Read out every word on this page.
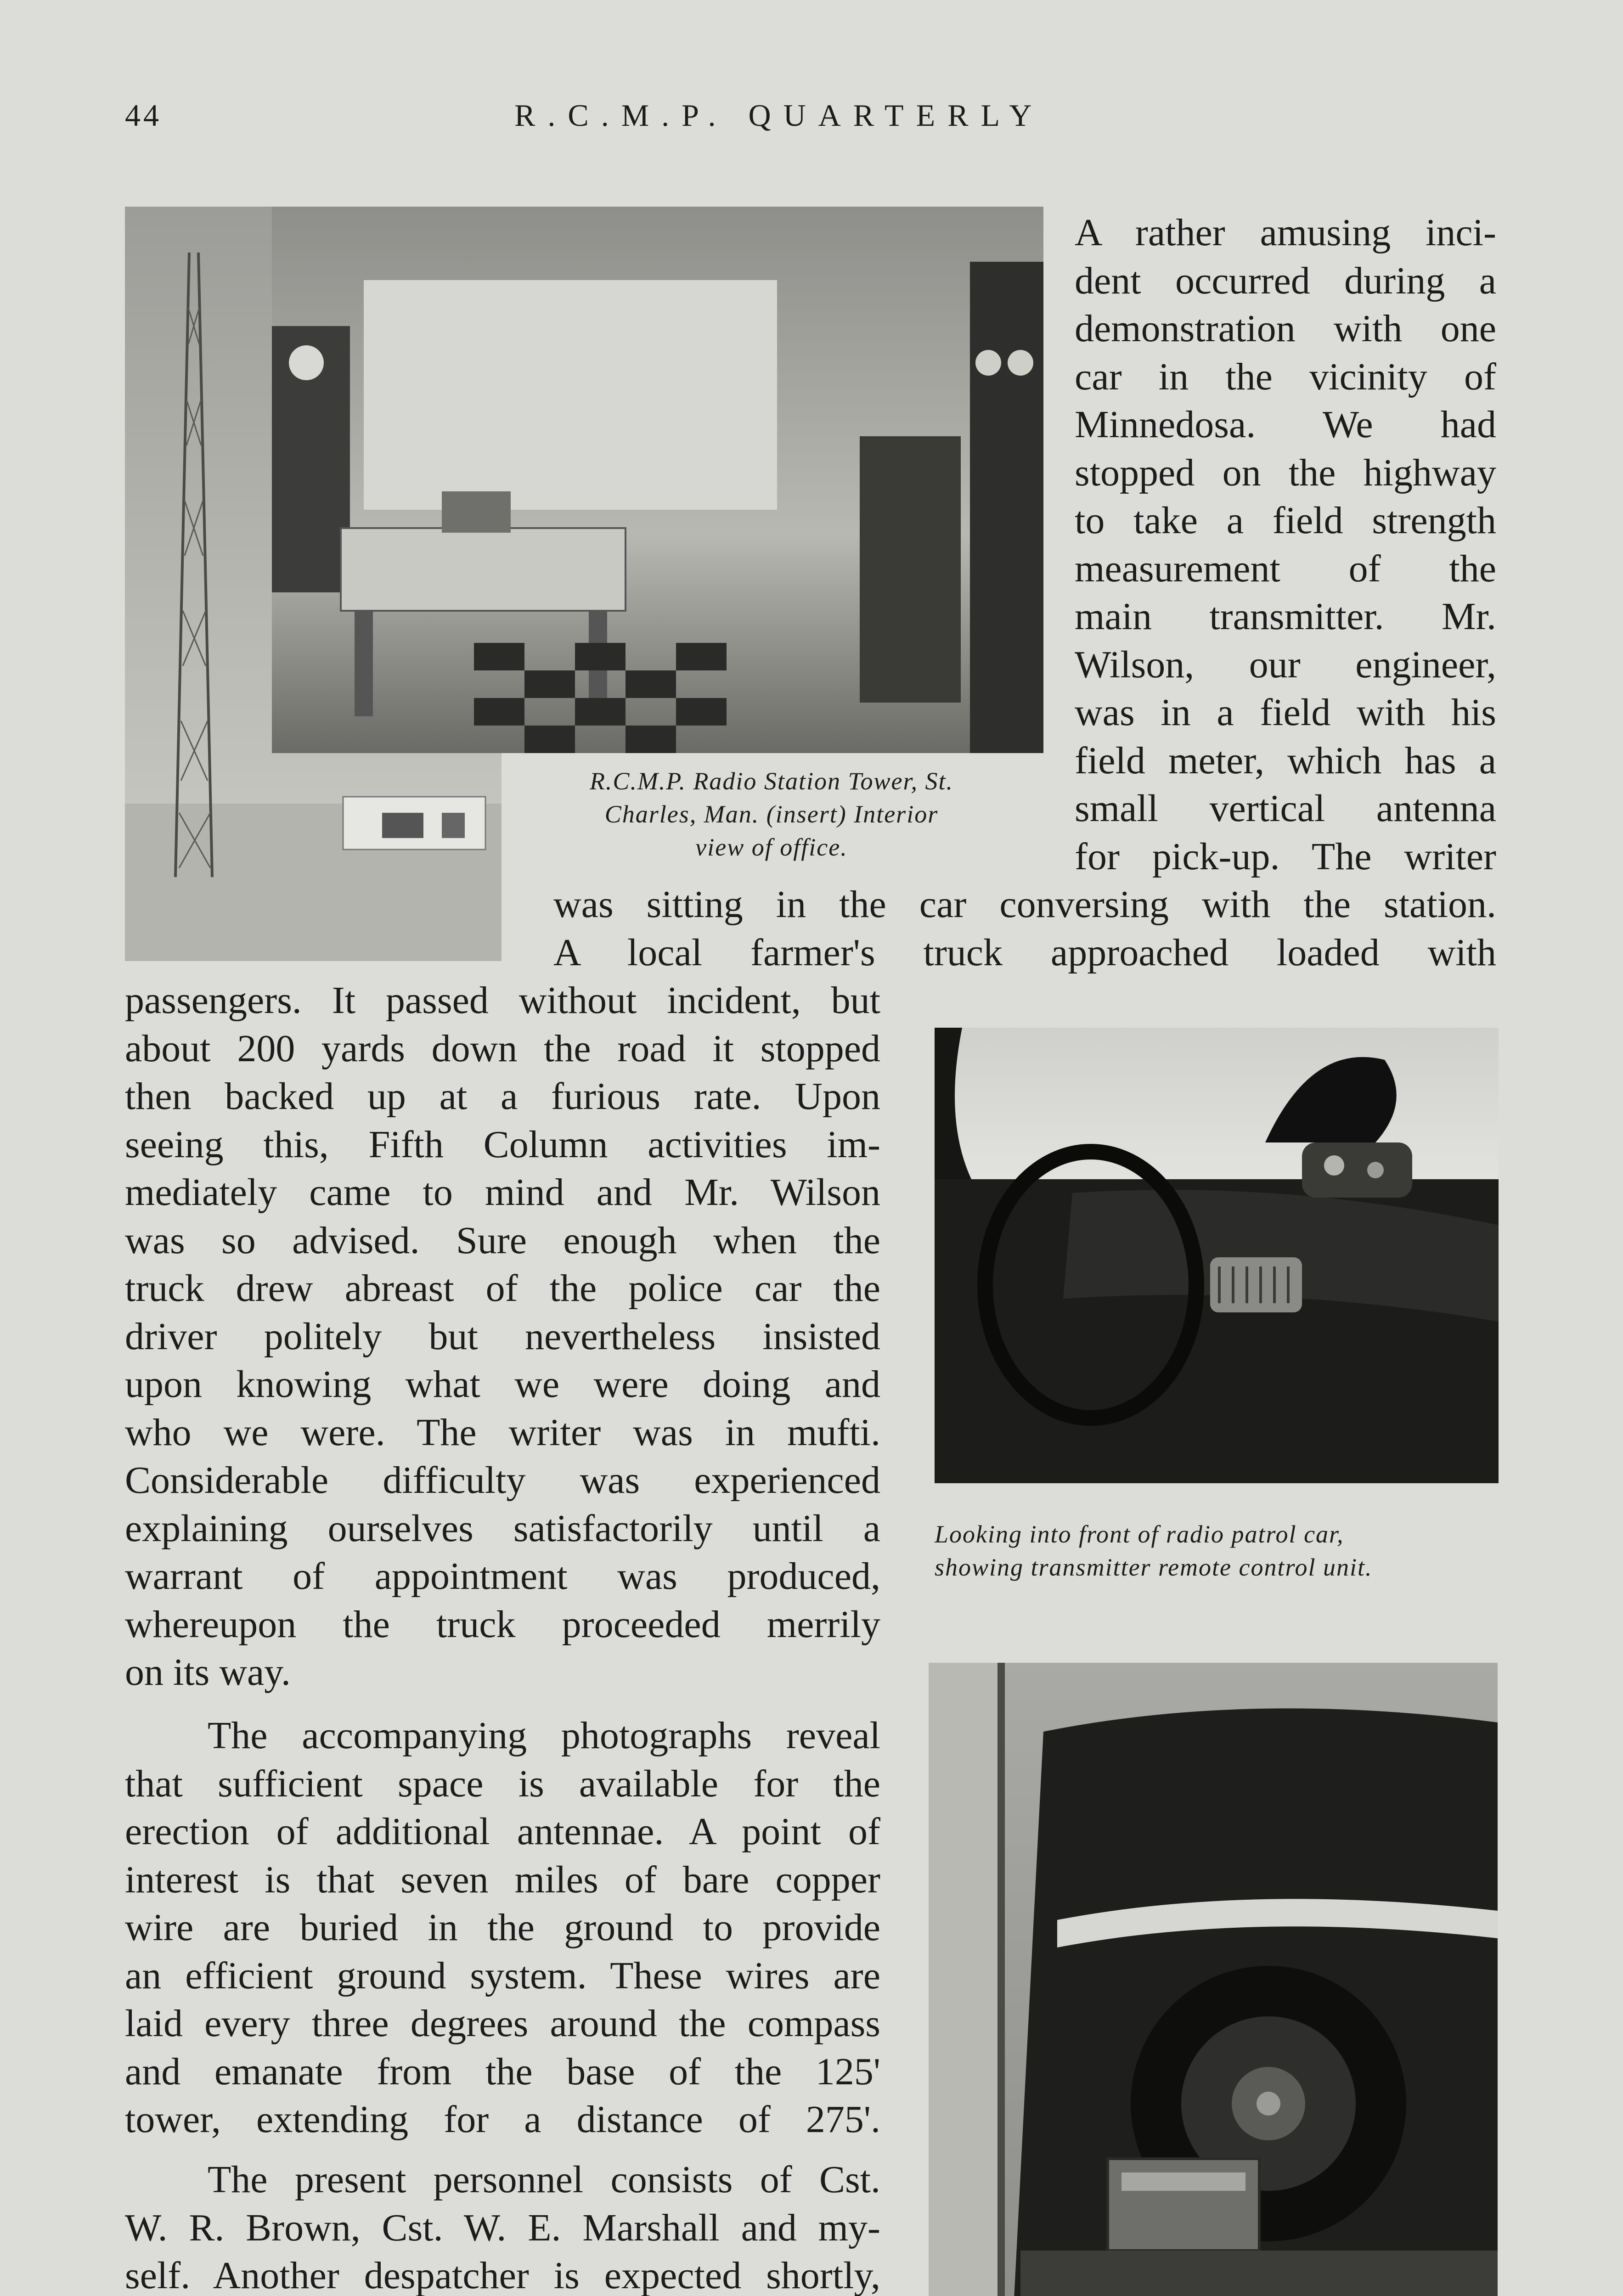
44	R.C.M.P. QUARTERLY
R.C.M.P. Radio Station Tower, St.
Charles, Man. (insert) Interior
view of office.
A rather amusing inci-
dent occurred during a
demonstration with one
car in the vicinity of
Minnedosa. We had
stopped on the highway
to take a field strength
measurement of the
main transmitter. Mr.
Wilson, our engineer,
was in a field with his
field meter, which has a
small vertical antenna
for pick-up. The writer
was sitting in the car conversing with the station.
A local farmer's truck approached loaded with
passengers. It passed without incident, but
about 200 yards down the road it stopped
then backed up at a furious rate. Upon
seeing this, Fifth Column activities im-
mediately came to mind and Mr. Wilson
was so advised. Sure enough when the
truck drew abreast of the police car the
driver politely but nevertheless insisted
upon knowing what we were doing and
who we were. The writer was in mufti.
Considerable difficulty was experienced
explaining ourselves satisfactorily until a
warrant of appointment was produced,
whereupon the truck proceeded merrily
on its way.
The accompanying photographs reveal
that sufficient space is available for the
erection of additional antennae. A point of
interest is that seven miles of bare copper
wire are buried in the ground to provide
an efficient ground system. These wires are
laid every three degrees around the compass
and emanate from the base of the 125'
tower, extending for a distance of 275'.
The present personnel consists of Cst.
W. R. Brown, Cst. W. E. Marshall and my-
self. Another despatcher is expected shortly,
Looking into front of radio patrol car,
showing transmitter remote control unit.
